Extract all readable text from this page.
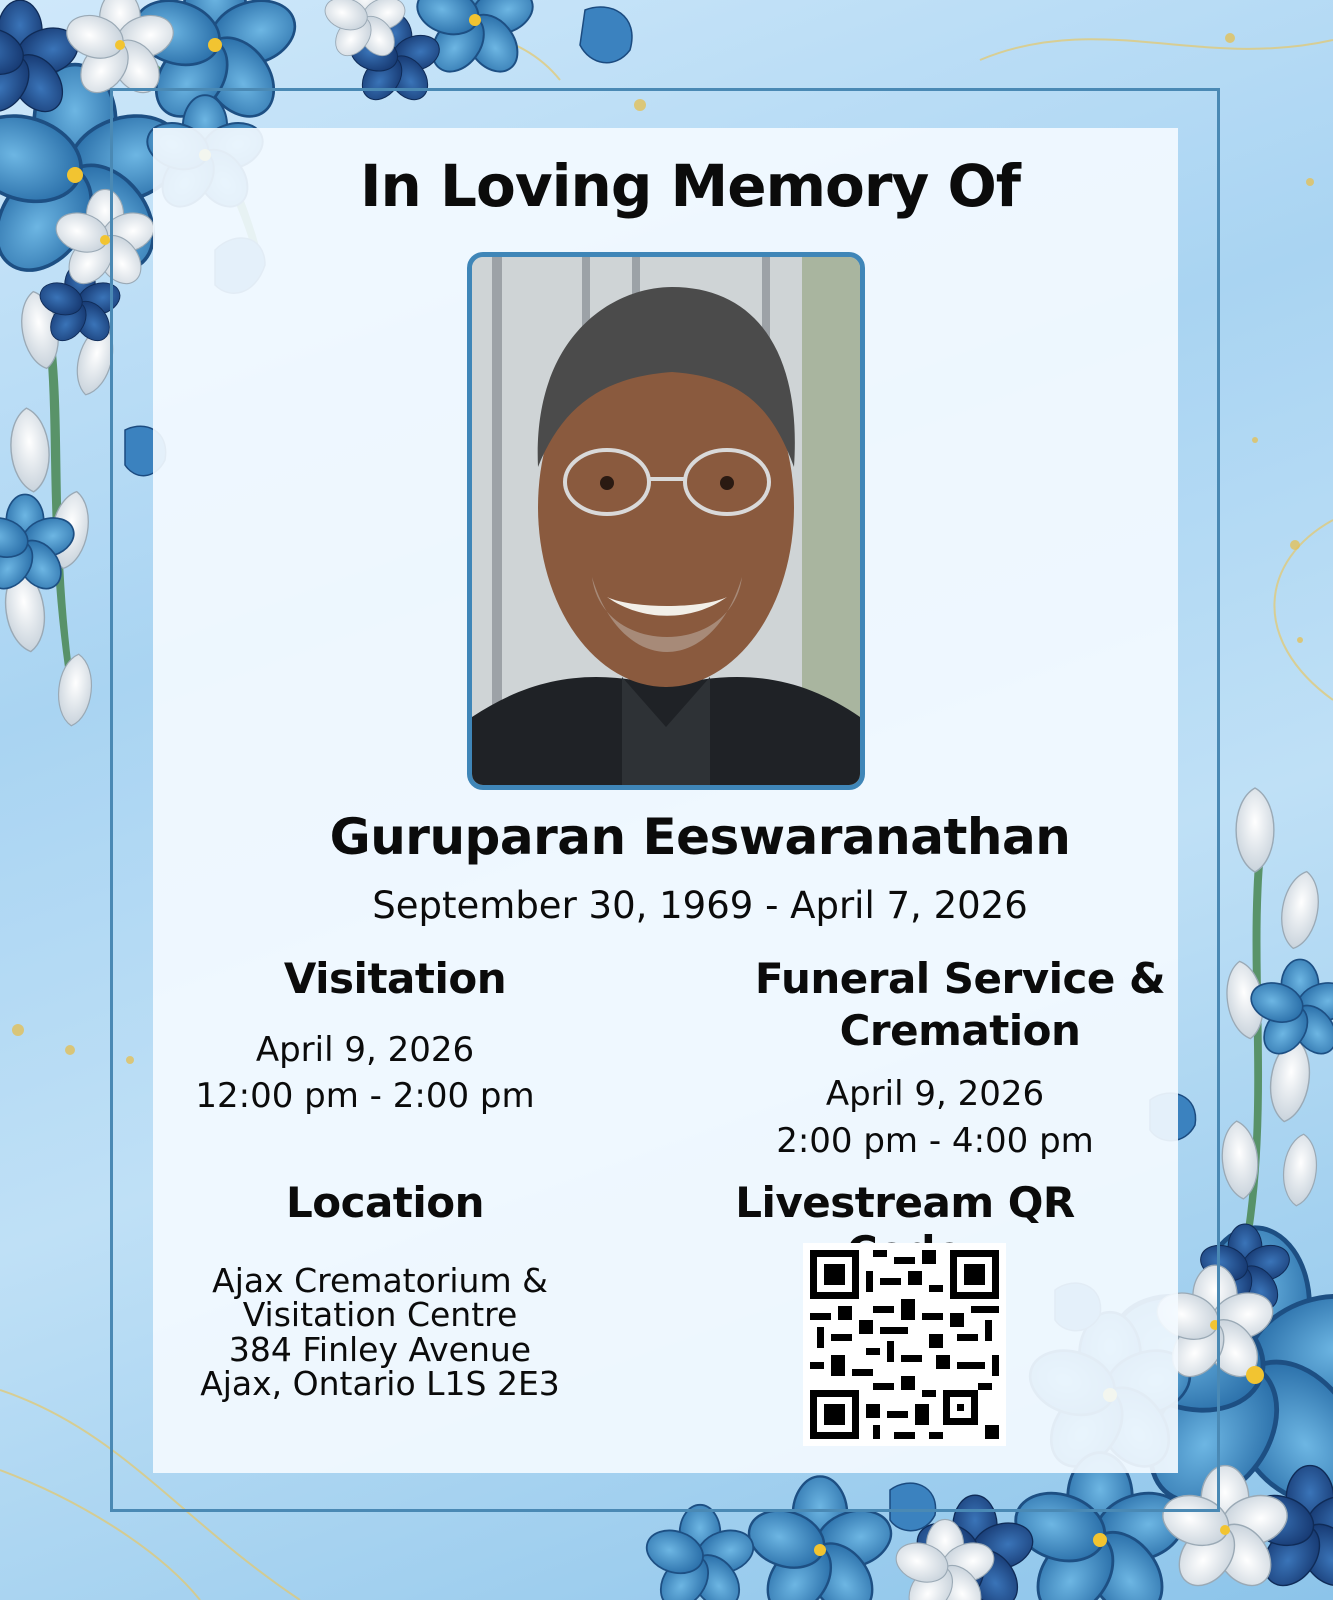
In Loving Memory Of
Guruparan Eeswaranathan
September 30, 1969 - April 7, 2026
Visitation
April 9, 2026
12:00 pm - 2:00 pm
Funeral Service &
Cremation
April 9, 2026
2:00 pm - 4:00 pm
Location
Ajax Crematorium &
Visitation Centre
384 Finley Avenue
Ajax, Ontario L1S 2E3
Livestream QR
